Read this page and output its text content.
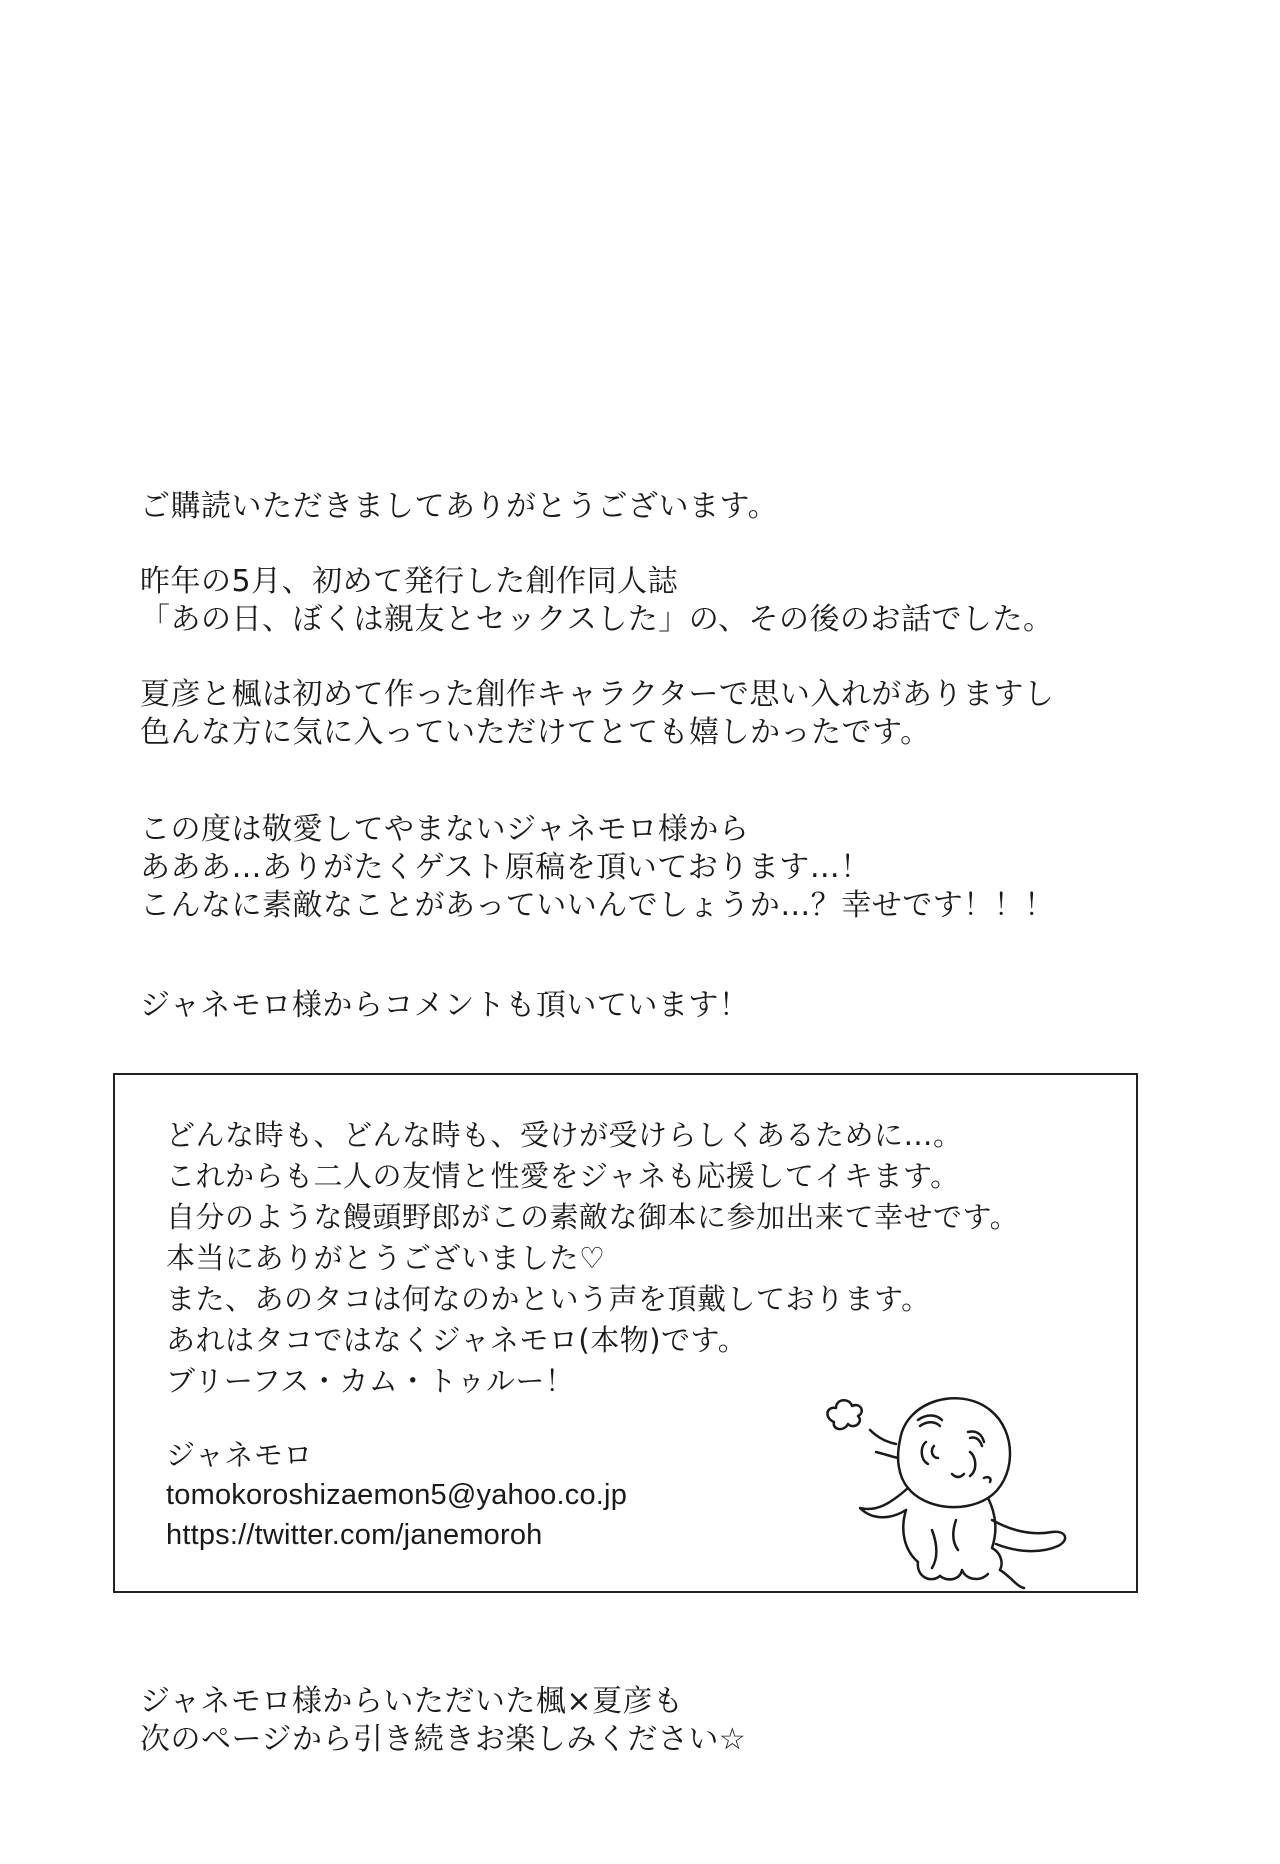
ご購読いただきましてありがとうございます。
昨年の5月、初めて発行した創作同人誌
「あの日、ぼくは親友とセックスした」の、その後のお話でした。
夏彦と楓は初めて作った創作キャラクターで思い入れがありますし
色んな方に気に入っていただけてとても嬉しかったです。
この度は敬愛してやまないジャネモロ様から
あああ…ありがたくゲスト原稿を頂いております…！
こんなに素敵なことがあっていいんでしょうか…？幸せです！！！
ジャネモロ様からコメントも頂いています！
どんな時も、どんな時も、受けが受けらしくあるために…。
これからも二人の友情と性愛をジャネも応援してイキます。
自分のような饅頭野郎がこの素敵な御本に参加出来て幸せです。
本当にありがとうございました♡
また、あのタコは何なのかという声を頂戴しております。
あれはタコではなくジャネモロ(本物)です。
ブリーフス・カム・トゥルー！
ジャネモロ
tomokoroshizaemon5@yahoo.co.jp
https://twitter.com/janemoroh
ジャネモロ様からいただいた楓×夏彦も
次のページから引き続きお楽しみください☆
